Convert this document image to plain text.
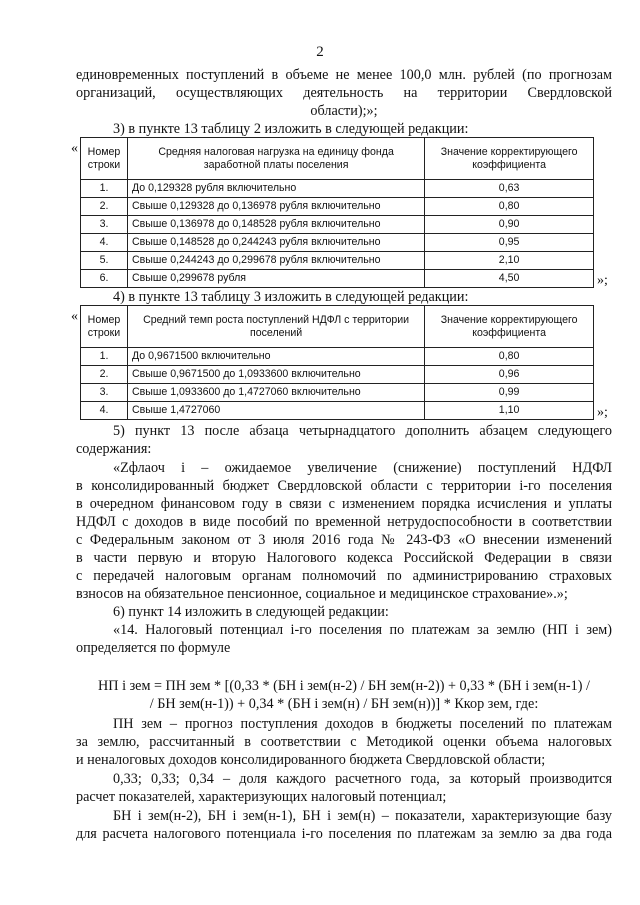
2
единовременных поступлений в объеме не менее 100,0 млн. рублей (по прогнозам
организаций, осуществляющих деятельность на территории Свердловской
области);»;
3) в пункте 13 таблицу 2 изложить в следующей редакции:
« Номер строки	Средняя налоговая нагрузка на единицу фонда заработной платы поселения	Значение корректирующего коэффициента
1.	До 0,129328 рубля включительно	0,63
2.	Свыше 0,129328 до 0,136978 рубля включительно	0,80
3.	Свыше 0,136978 до 0,148528 рубля включительно	0,90
4.	Свыше 0,148528 до 0,244243 рубля включительно	0,95
5.	Свыше 0,244243 до 0,299678 рубля включительно	2,10
6.	Свыше 0,299678 рубля	4,50	»;
4) в пункте 13 таблицу 3 изложить в следующей редакции:
« Номер строки	Средний темп роста поступлений НДФЛ с территории поселений	Значение корректирующего коэффициента
1.	До 0,9671500 включительно	0,80
2.	Свыше 0,9671500 до 1,0933600 включительно	0,96
3.	Свыше 1,0933600 до 1,4727060 включительно	0,99
4.	Свыше 1,4727060	1,10	»;
5) пункт 13 после абзаца четырнадцатого дополнить абзацем следующего
содержания:
«Zфлаоч i – ожидаемое увеличение (снижение) поступлений НДФЛ
в консолидированный бюджет Свердловской области с территории i-го поселения
в очередном финансовом году в связи с изменением порядка исчисления и уплаты
НДФЛ с доходов в виде пособий по временной нетрудоспособности в соответствии
с Федеральным законом от 3 июля 2016 года № 243-ФЗ «О внесении изменений
в части первую и вторую Налогового кодекса Российской Федерации в связи
с передачей налоговым органам полномочий по администрированию страховых
взносов на обязательное пенсионное, социальное и медицинское страхование».»;
6) пункт 14 изложить в следующей редакции:
«14. Налоговый потенциал i-го поселения по платежам за землю (НП i зем)
определяется по формуле
НП i зем = ПН зем * [(0,33 * (БН i зем(н-2) / БН зем(н-2)) + 0,33 * (БН i зем(н-1) /
/ БН зем(н-1)) + 0,34 * (БН i зем(н) / БН зем(н))] * Ккор зем, где:
ПН зем – прогноз поступления доходов в бюджеты поселений по платежам
за землю, рассчитанный в соответствии с Методикой оценки объема налоговых
и неналоговых доходов консолидированного бюджета Свердловской области;
0,33; 0,33; 0,34 – доля каждого расчетного года, за который производится
расчет показателей, характеризующих налоговый потенциал;
БН i зем(н-2), БН i зем(н-1), БН i зем(н) – показатели, характеризующие базу
для расчета налогового потенциала i-го поселения по платежам за землю за два года
